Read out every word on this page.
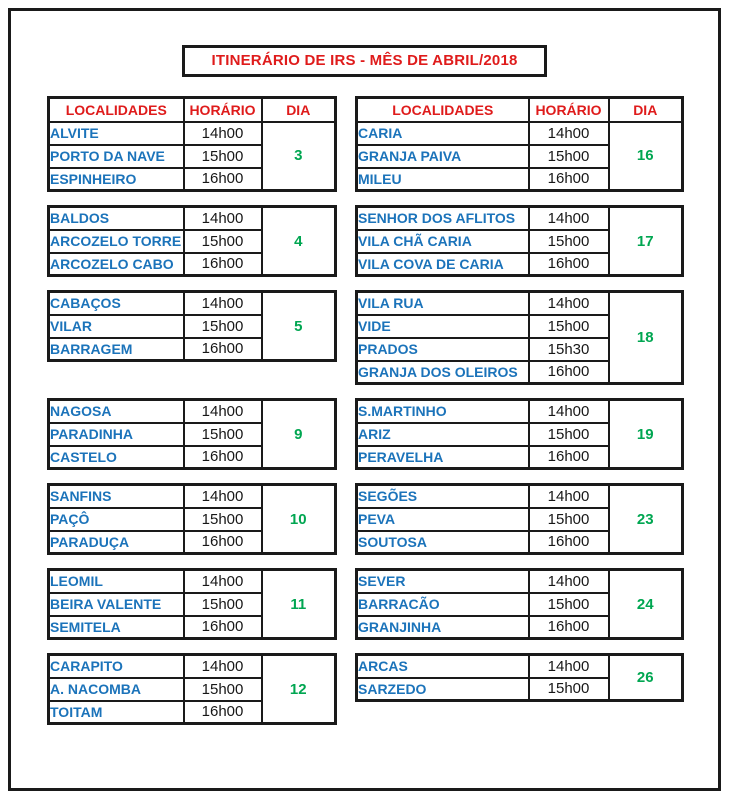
ITINERÁRIO DE IRS - MÊS DE ABRIL/2018
LOCALIDADES	HORÁRIO	DIA
ALVITE	14h00	3
PORTO DA NAVE	15h00	
ESPINHEIRO	16h00	
LOCALIDADES	HORÁRIO	DIA
CARIA	14h00	16
GRANJA PAIVA	15h00	
MILEU	16h00	
BALDOS	14h00	4
ARCOZELO TORRE	15h00	
ARCOZELO CABO	16h00	
SENHOR DOS AFLITOS	14h00	17
VILA CHÃ CARIA	15h00	
VILA COVA DE CARIA	16h00	
CABAÇOS	14h00	5
VILAR	15h00	
BARRAGEM	16h00	
VILA RUA	14h00	18
VIDE	15h00	
PRADOS	15h30	
GRANJA DOS OLEIROS	16h00	
NAGOSA	14h00	9
PARADINHA	15h00	
CASTELO	16h00	
S.MARTINHO	14h00	19
ARIZ	15h00	
PERAVELHA	16h00	
SANFINS	14h00	10
PAÇÔ	15h00	
PARADUÇA	16h00	
SEGÕES	14h00	23
PEVA	15h00	
SOUTOSA	16h00	
LEOMIL	14h00	11
BEIRA VALENTE	15h00	
SEMITELA	16h00	
SEVER	14h00	24
BARRACÃO	15h00	
GRANJINHA	16h00	
CARAPITO	14h00	12
A. NACOMBA	15h00	
TOITAM	16h00	
ARCAS	14h00	26
SARZEDO	15h00	
